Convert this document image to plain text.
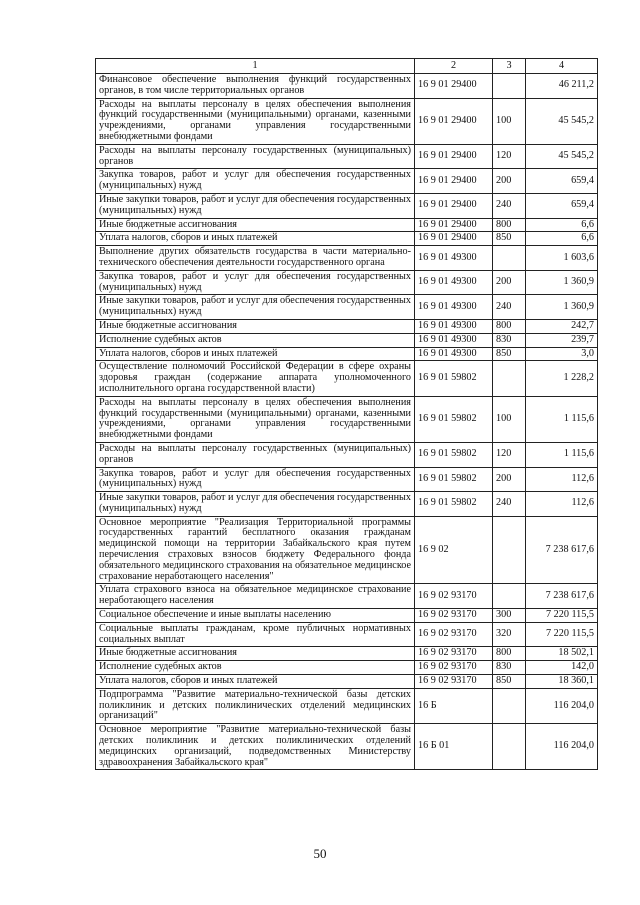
1	2	3	4
Финансовое обеспечение выполнения функций государственных органов, в том числе территориальных органов	16 9 01 29400		46 211,2
Расходы на выплаты персоналу в целях обеспечения выполнения функций государственными (муниципальными) органами, казенными учреждениями, органами управления государственными внебюджетными фондами	16 9 01 29400	100	45 545,2
Расходы на выплаты персоналу государственных (муниципальных) органов	16 9 01 29400	120	45 545,2
Закупка товаров, работ и услуг для обеспечения государственных (муниципальных) нужд	16 9 01 29400	200	659,4
Иные закупки товаров, работ и услуг для обеспечения государственных (муниципальных) нужд	16 9 01 29400	240	659,4
Иные бюджетные ассигнования	16 9 01 29400	800	6,6
Уплата налогов, сборов и иных платежей	16 9 01 29400	850	6,6
Выполнение других обязательств государства в части материально-технического обеспечения деятельности государственного органа	16 9 01 49300		1 603,6
Закупка товаров, работ и услуг для обеспечения государственных (муниципальных) нужд	16 9 01 49300	200	1 360,9
Иные закупки товаров, работ и услуг для обеспечения государственных (муниципальных) нужд	16 9 01 49300	240	1 360,9
Иные бюджетные ассигнования	16 9 01 49300	800	242,7
Исполнение судебных актов	16 9 01 49300	830	239,7
Уплата налогов, сборов и иных платежей	16 9 01 49300	850	3,0
Осуществление полномочий Российской Федерации в сфере охраны здоровья граждан (содержание аппарата уполномоченного исполнительного органа государственной власти)	16 9 01 59802		1 228,2
Расходы на выплаты персоналу в целях обеспечения выполнения функций государственными (муниципальными) органами, казенными учреждениями, органами управления государственными внебюджетными фондами	16 9 01 59802	100	1 115,6
Расходы на выплаты персоналу государственных (муниципальных) органов	16 9 01 59802	120	1 115,6
Закупка товаров, работ и услуг для обеспечения государственных (муниципальных) нужд	16 9 01 59802	200	112,6
Иные закупки товаров, работ и услуг для обеспечения государственных (муниципальных) нужд	16 9 01 59802	240	112,6
Основное мероприятие "Реализация Территориальной программы государственных гарантий бесплатного оказания гражданам медицинской помощи на территории Забайкальского края путем перечисления страховых взносов бюджету Федерального фонда обязательного медицинского страхования на обязательное медицинское страхование неработающего населения"	16 9 02		7 238 617,6
Уплата страхового взноса на обязательное медицинское страхование неработающего населения	16 9 02 93170		7 238 617,6
Социальное обеспечение и иные выплаты населению	16 9 02 93170	300	7 220 115,5
Социальные выплаты гражданам, кроме публичных нормативных социальных выплат	16 9 02 93170	320	7 220 115,5
Иные бюджетные ассигнования	16 9 02 93170	800	18 502,1
Исполнение судебных актов	16 9 02 93170	830	142,0
Уплата налогов, сборов и иных платежей	16 9 02 93170	850	18 360,1
Подпрограмма "Развитие материально-технической базы детских поликлиник и детских поликлинических отделений медицинских организаций"	16 Б		116 204,0
Основное мероприятие "Развитие материально-технической базы детских поликлиник и детских поликлинических отделений медицинских организаций, подведомственных Министерству здравоохранения Забайкальского края"	16 Б 01		116 204,0
50
